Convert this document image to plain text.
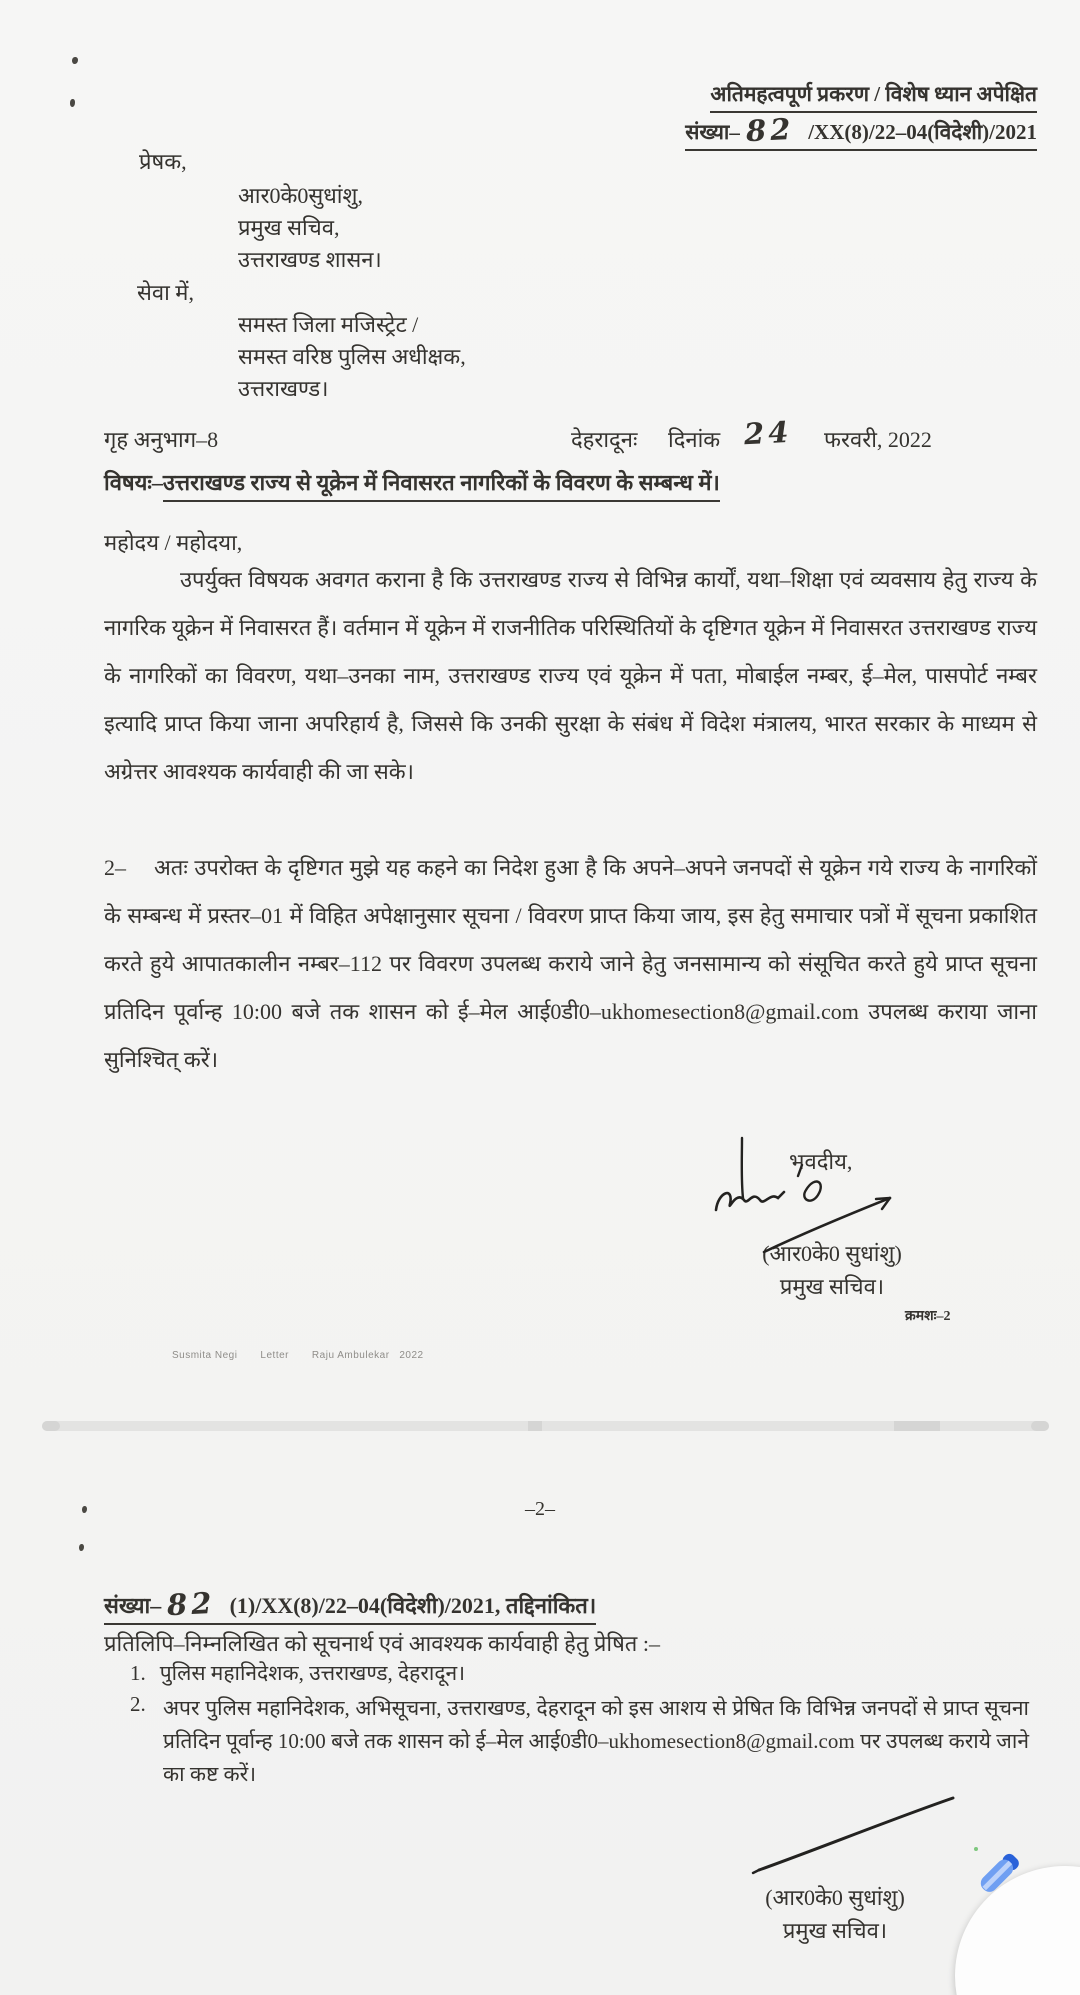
अतिमहत्वपूर्ण प्रकरण / विशेष ध्यान अपेक्षित
संख्या– 82 /XX(8)/22–04(विदेशी)/2021
प्रेषक,
आर0के0सुधांशु,
प्रमुख सचिव,
उत्तराखण्ड शासन।
सेवा में,
समस्त जिला मजिस्ट्रेट /
समस्त वरिष्ठ पुलिस अधीक्षक,
उत्तराखण्ड।
गृह अनुभाग–8	देहरादूनः दिनांक 24 फरवरी, 2022
विषयः–उत्तराखण्ड राज्य से यूक्रेन में निवासरत नागरिकों के विवरण के सम्बन्ध में।
महोदय / महोदया,

उपर्युक्त विषयक अवगत कराना है कि उत्तराखण्ड राज्य से विभिन्न कार्यों, यथा–शिक्षा एवं व्यवसाय हेतु राज्य के नागरिक यूक्रेन में निवासरत हैं। वर्तमान में यूक्रेन में राजनीतिक परिस्थितियों के दृष्टिगत यूक्रेन में निवासरत उत्तराखण्ड राज्य के नागरिकों का विवरण, यथा–उनका नाम, उत्तराखण्ड राज्य एवं यूक्रेन में पता, मोबाईल नम्बर, ई–मेल, पासपोर्ट नम्बर इत्यादि प्राप्त किया जाना अपरिहार्य है, जिससे कि उनकी सुरक्षा के संबंध में विदेश मंत्रालय, भारत सरकार के माध्यम से अग्रेत्तर आवश्यक कार्यवाही की जा सके।

2– अतः उपरोक्त के दृष्टिगत मुझे यह कहने का निदेश हुआ है कि अपने–अपने जनपदों से यूक्रेन गये राज्य के नागरिकों के सम्बन्ध में प्रस्तर–01 में विहित अपेक्षानुसार सूचना / विवरण प्राप्त किया जाय, इस हेतु समाचार पत्रों में सूचना प्रकाशित करते हुये आपातकालीन नम्बर–112 पर विवरण उपलब्ध कराये जाने हेतु जनसामान्य को संसूचित करते हुये प्राप्त सूचना प्रतिदिन पूर्वान्ह 10:00 बजे तक शासन को ई–मेल आई0डी0–ukhomesection8@gmail.com उपलब्ध कराया जाना सुनिश्चित् करें।

भवदीय,
(आर0के0 सुधांशु)
प्रमुख सचिव।
क्रमशः–2
Susmita Negi       Letter       Raju Ambulekar   2022
–2–
संख्या– 82 (1)/XX(8)/22–04(विदेशी)/2021, तद्दिनांकित।
प्रतिलिपि–निम्नलिखित को सूचनार्थ एवं आवश्यक कार्यवाही हेतु प्रेषित :–
1. पुलिस महानिदेशक, उत्तराखण्ड, देहरादून।
2. अपर पुलिस महानिदेशक, अभिसूचना, उत्तराखण्ड, देहरादून को इस आशय से प्रेषित कि विभिन्न जनपदों से प्राप्त सूचना प्रतिदिन पूर्वान्ह 10:00 बजे तक शासन को ई–मेल आई0डी0–ukhomesection8@gmail.com पर उपलब्ध कराये जाने का कष्ट करें।

(आर0के0 सुधांशु)
प्रमुख सचिव।
